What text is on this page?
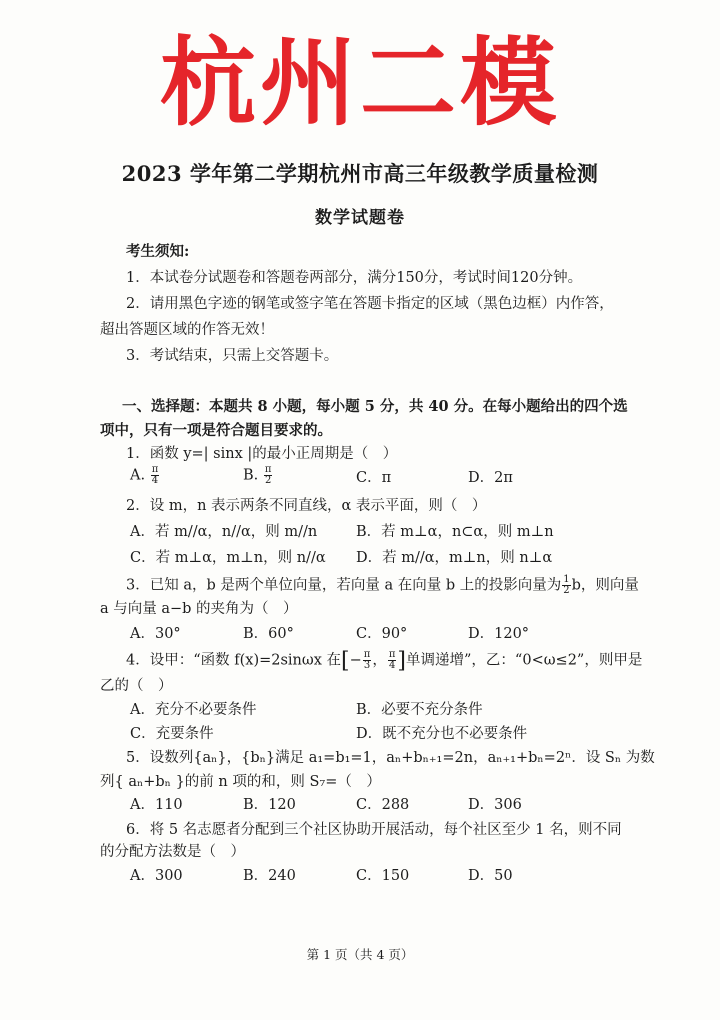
杭州二模
2023 学年第二学期杭州市高三年级教学质量检测
数学试题卷
考生须知:
1．本试卷分试题卷和答题卷两部分，满分150分，考试时间120分钟。
2．请用黑色字迹的钢笔或签字笔在答题卡指定的区域（黑色边框）内作答，
超出答题区域的作答无效！
3．考试结束，只需上交答题卡。
一、选择题：本题共 8 小题，每小题 5 分，共 40 分。在每小题给出的四个选
项中，只有一项是符合题目要求的。
1．函数 y=| sinx |的最小正周期是（　）
A. $\frac{\pi}{4}$	B. $\frac{\pi}{2}$	C．π	D．2π
2．设 m，n 表示两条不同直线，α 表示平面，则（　）
A．若 m//α，n//α，则 m//n	B．若 m⊥α，n⊂α，则 m⊥n
C．若 m⊥α，m⊥n，则 n//α D．若 m//α，m⊥n，则 n⊥α
3．已知 a，b 是两个单位向量，若向量 a 在向量 b 上的投影向量为 $\frac{1}{2}$ b，则向量
a 与向量 a−b 的夹角为（　）
A．30°	B．60°	C．90°	D．120°
4．设甲：“函数 f(x)=2sinωx 在[− $\frac{\pi}{3}$ ， $\frac{\pi}{4}$ ]单调递增”，乙：“0<ω≤2”，则甲是
乙的（　）
A．充分不必要条件	B．必要不充分条件
C．充要条件	D．既不充分也不必要条件
5．设数列{aₙ}，{bₙ}满足 a₁=b₁=1，aₙ+bₙ₊₁=2n，aₙ₊₁+bₙ=2ⁿ．设 Sₙ 为数
列{ aₙ+bₙ }的前 n 项的和，则 S₇=（　）
A．110	B．120	C．288	D．306
6．将 5 名志愿者分配到三个社区协助开展活动，每个社区至少 1 名，则不同
的分配方法数是（　）
A．300	B．240	C．150	D．50
第 1 页（共 4 页）
